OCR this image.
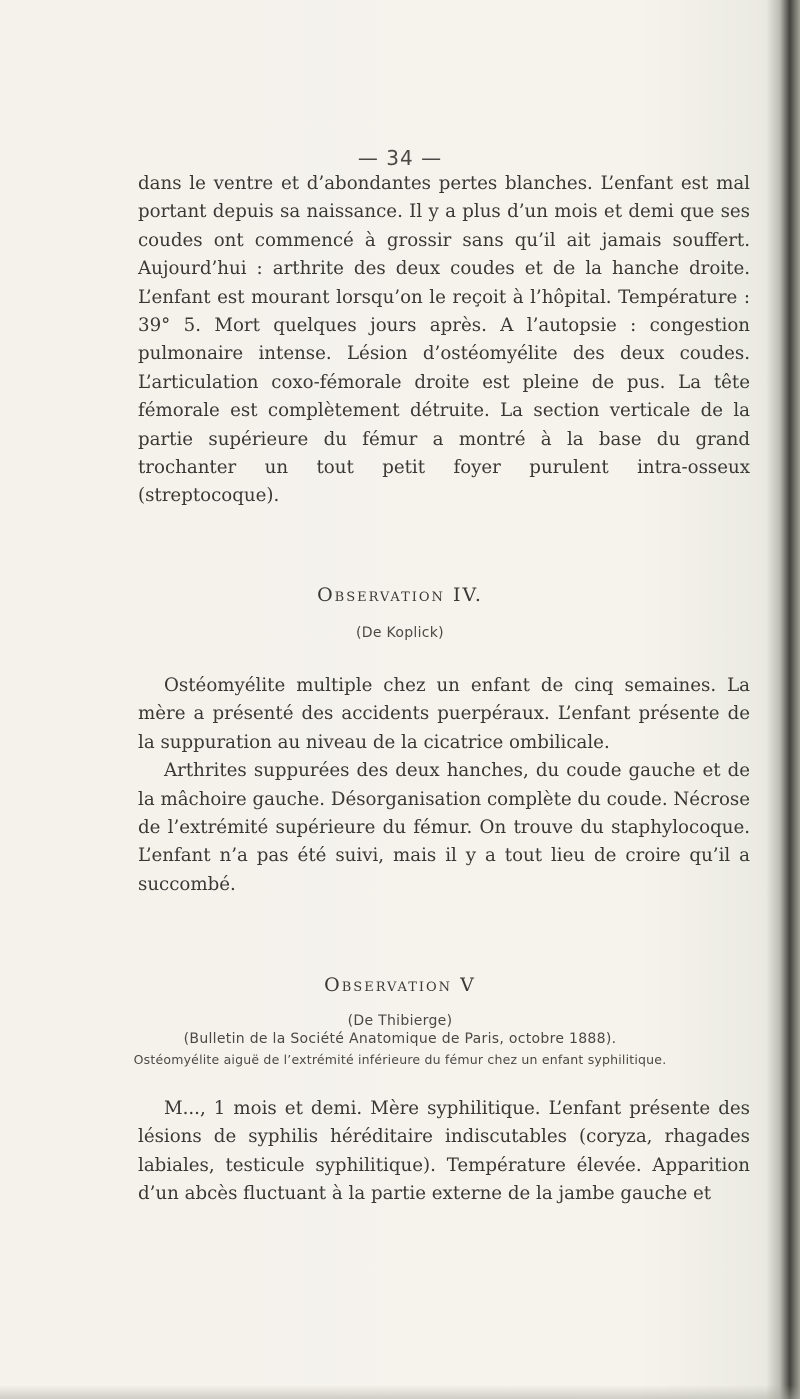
— 34 —

dans le ventre et d’abondantes pertes blanches. L’enfant est mal portant depuis sa naissance. Il y a plus d’un mois et demi que ses coudes ont commencé à grossir sans qu’il ait jamais souffert. Aujourd’hui : arthrite des deux coudes et de la hanche droite. L’enfant est mourant lorsqu’on le reçoit à l’hôpital. Température : 39° 5. Mort quelques jours après. A l’autopsie : congestion pulmonaire intense. Lésion d’ostéomyélite des deux coudes. L’articulation coxo-fémorale droite est pleine de pus. La tête fémorale est complètement détruite. La section verticale de la partie supérieure du fémur a montré à la base du grand trochanter un tout petit foyer purulent intra-osseux (streptocoque).

Observation IV.
(De Koplick)

Ostéomyélite multiple chez un enfant de cinq semaines. La mère a présenté des accidents puerpéraux. L’enfant présente de la suppuration au niveau de la cicatrice ombilicale.

Arthrites suppurées des deux hanches, du coude gauche et de la mâchoire gauche. Désorganisation complète du coude. Nécrose de l’extrémité supérieure du fémur. On trouve du staphylocoque. L’enfant n’a pas été suivi, mais il y a tout lieu de croire qu’il a succombé.

Observation V
(De Thibierge)
(Bulletin de la Société Anatomique de Paris, octobre 1888).
Ostéomyélite aiguë de l’extrémité inférieure du fémur chez un enfant syphilitique.

M..., 1 mois et demi. Mère syphilitique. L’enfant présente des lésions de syphilis héréditaire indiscutables (coryza, rhagades labiales, testicule syphilitique). Température élevée. Apparition d’un abcès fluctuant à la partie externe de la jambe gauche et
